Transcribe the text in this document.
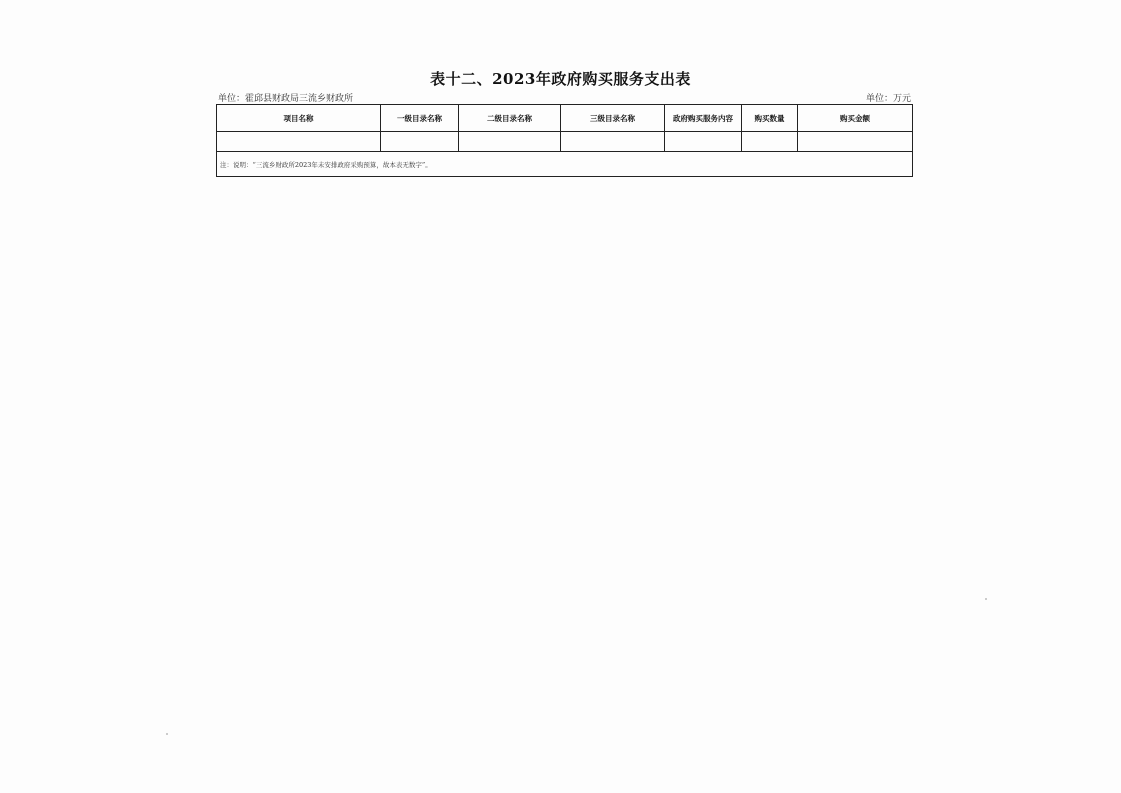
表十二、2023年政府购买服务支出表
单位：霍邱县财政局三流乡财政所	单位：万元
项目名称	一级目录名称	二级目录名称	三级目录名称	政府购买服务内容	购买数量	购买金额

注：说明：“三流乡财政所2023年未安排政府采购预算，故本表无数字”。						
